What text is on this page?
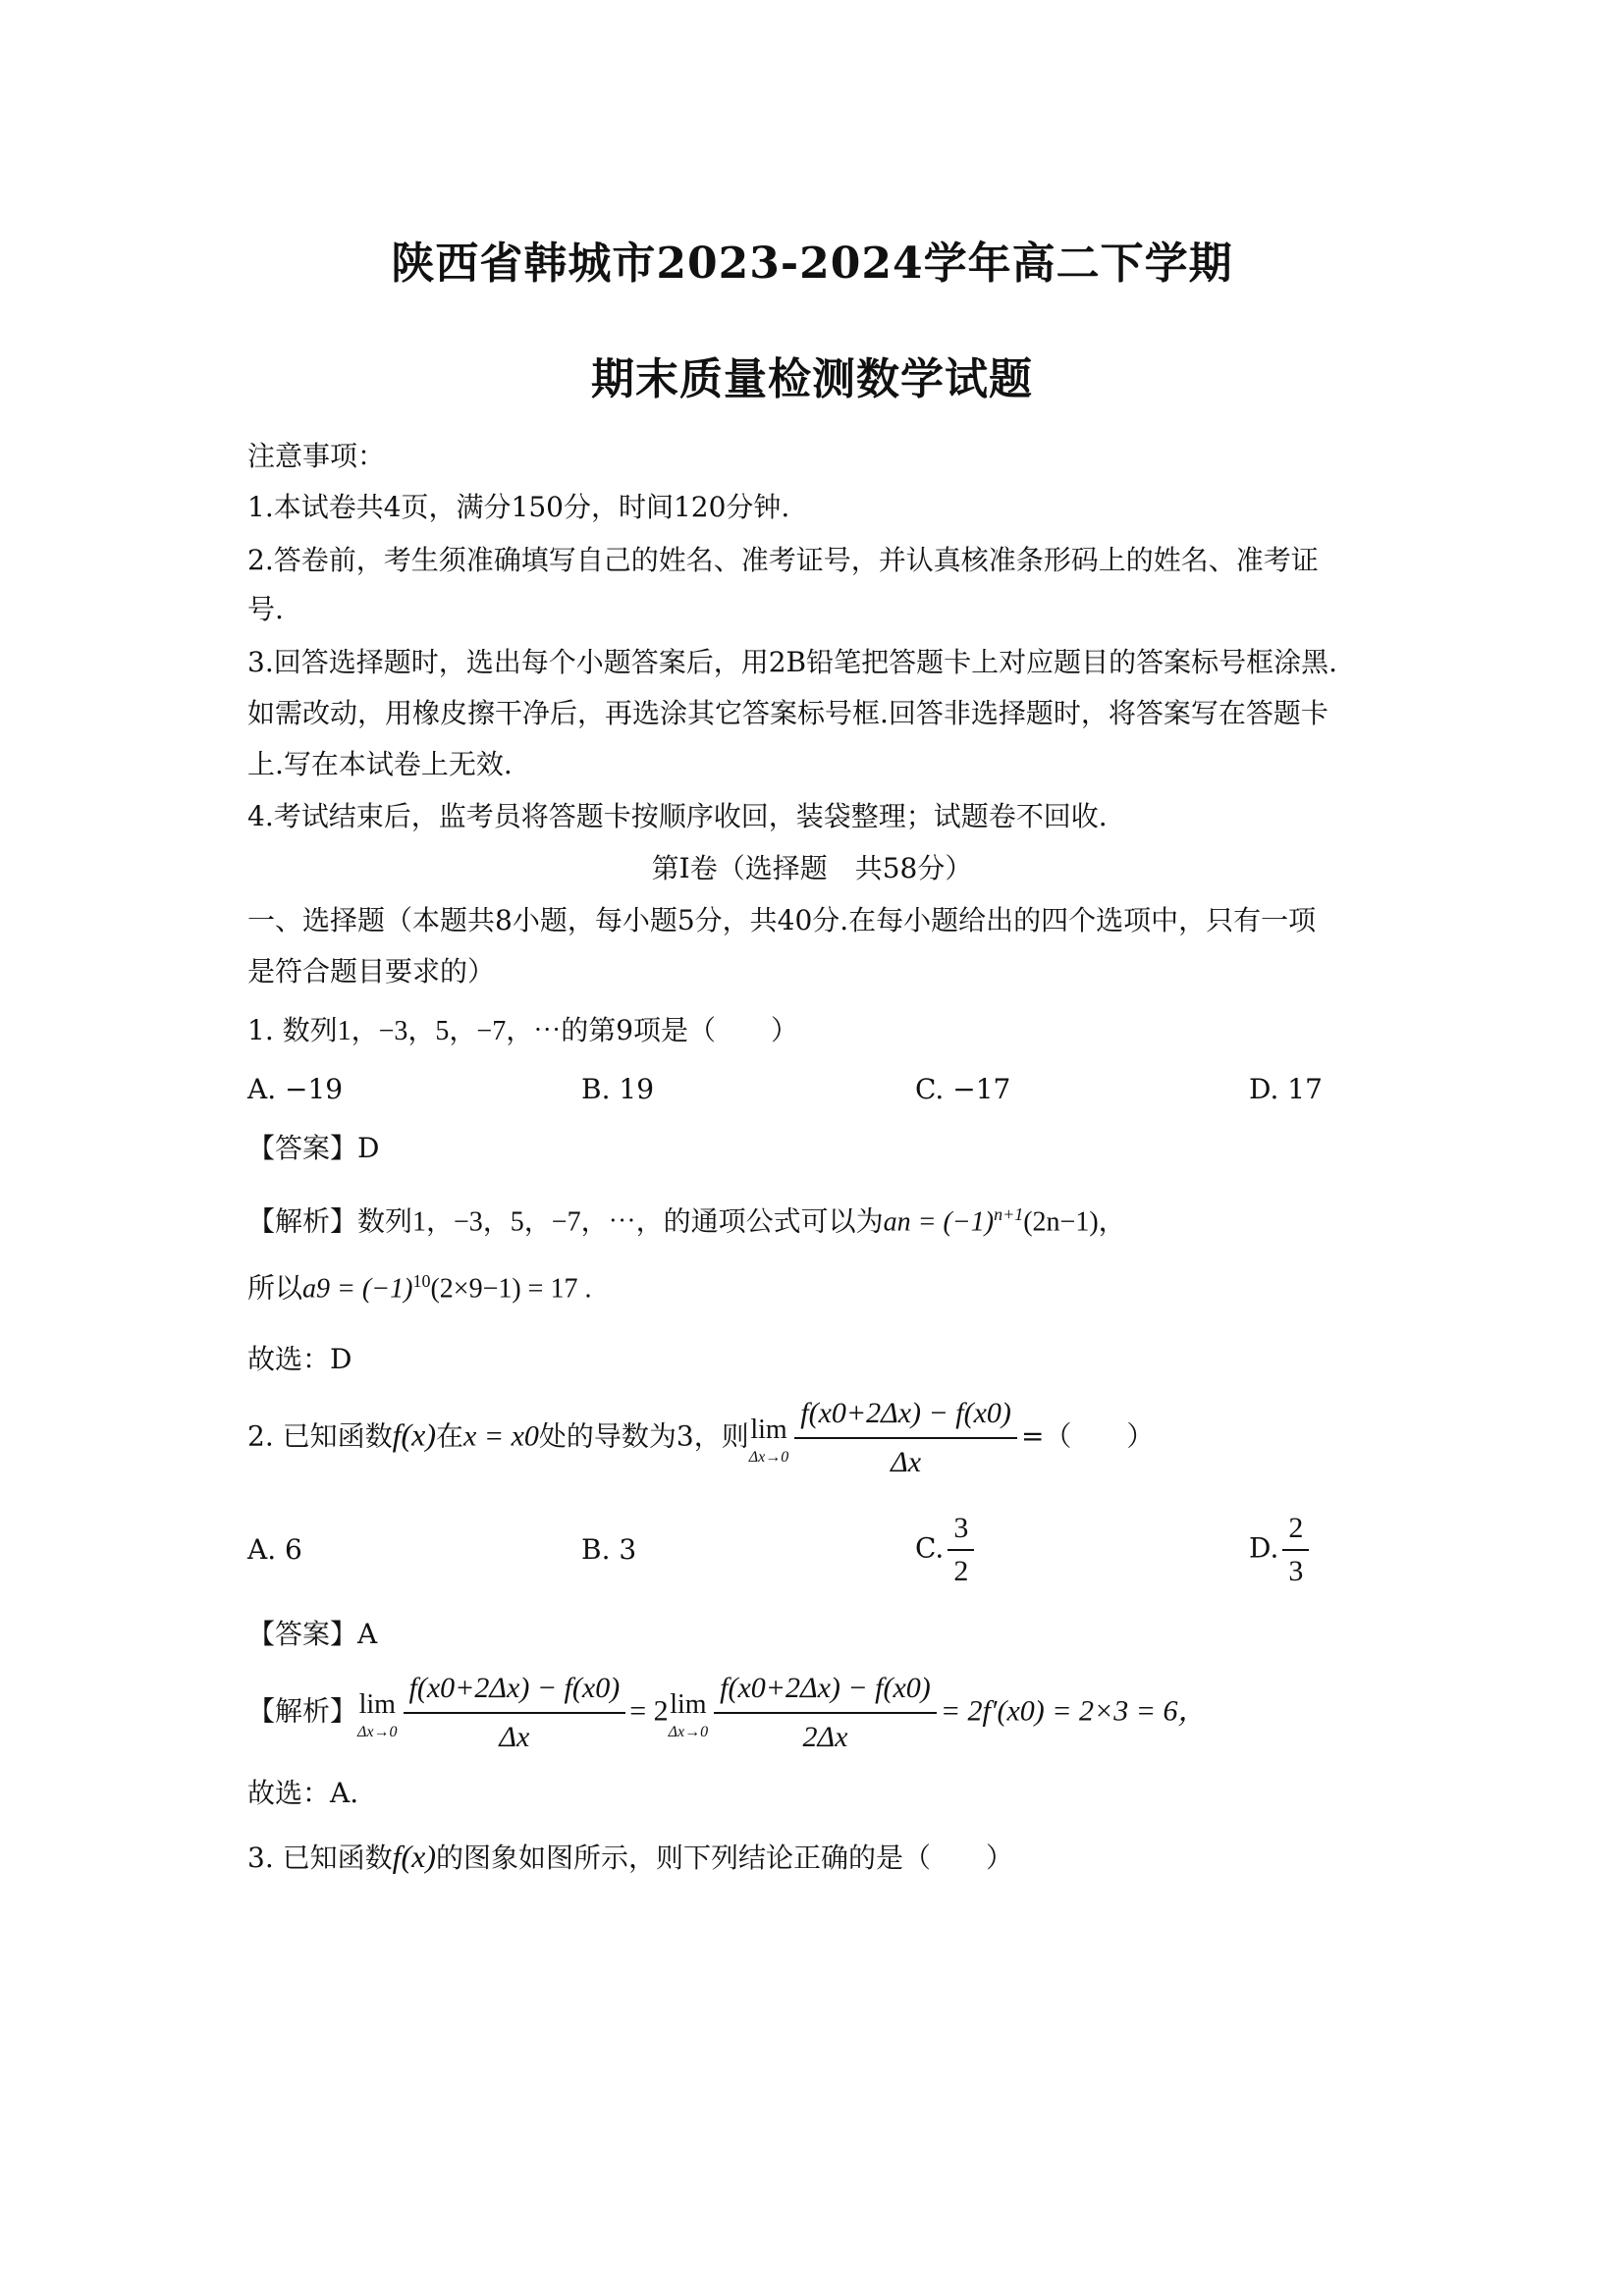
陕西省韩城市2023-2024学年高二下学期
期末质量检测数学试题
注意事项：
1.本试卷共4页，满分150分，时间120分钟.
2.答卷前，考生须准确填写自己的姓名、准考证号，并认真核准条形码上的姓名、准考证
号.
3.回答选择题时，选出每个小题答案后，用2B铅笔把答题卡上对应题目的答案标号框涂黑.
如需改动，用橡皮擦干净后，再选涂其它答案标号框.回答非选择题时，将答案写在答题卡
上.写在本试卷上无效.
4.考试结束后，监考员将答题卡按顺序收回，装袋整理；试题卷不回收.
第Ⅰ卷（选择题　共58分）
一、选择题（本题共8小题，每小题5分，共40分.在每小题给出的四个选项中，只有一项
是符合题目要求的）
1. 数列1，−3，5，−7，⋯的第9项是（　　）
A. −19	B. 19	C. −17	D. 17
【答案】D
【解析】数列1，−3，5，−7，⋯，的通项公式可以为an = $(-1)^{n+1}(2n-1)$，
所以$a9 = (-1)^{10}(2\times 9-1) = 17$ .
故选：D
2. 已知函数f(x)在x = x0处的导数为3，则lim
$\Delta x\to 0 \frac{f(x0+2\Delta x) - f(x0)}{\Delta x}$ =（　　）
A. 6	B. 3	C. $\frac{3}{2}$	D. $\frac{2}{3}$
【答案】A
【解析】lim
$\Delta x\to 0 \frac{f(x0+2\Delta x) - f(x0)}{\Delta x} = 2\lim$
$\Delta x\to 0 \frac{f(x0+2\Delta x) - f(x0)}{2\Delta x} = 2f'(x0) = 2\times 3 = 6$，
故选：A.
3. 已知函数f(x)的图象如图所示，则下列结论正确的是（　　）
